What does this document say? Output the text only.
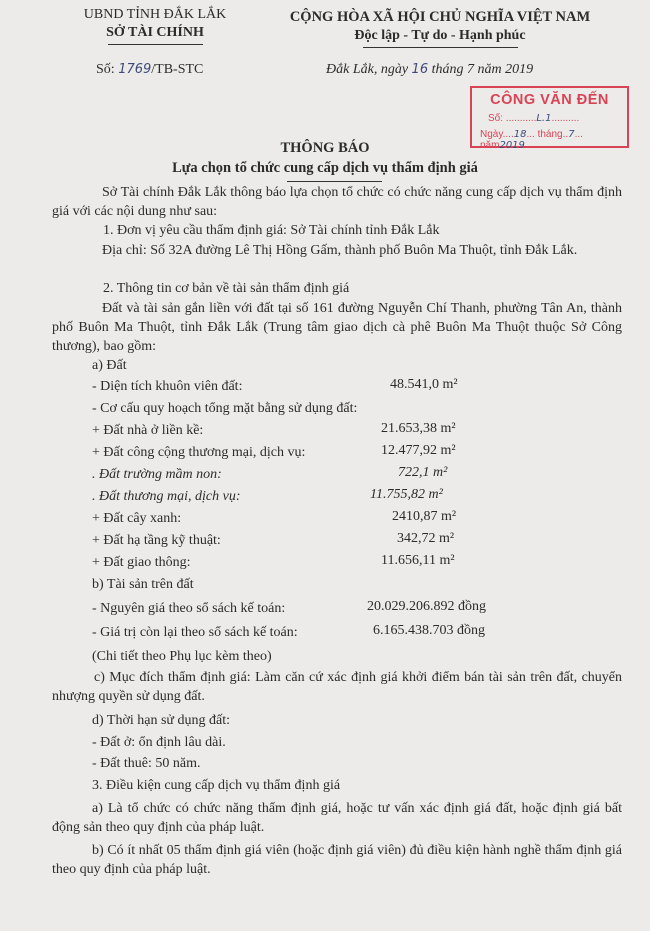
UBND TỈNH ĐẮK LẮK
SỞ TÀI CHÍNH
CỘNG HÒA XÃ HỘI CHỦ NGHĨA VIỆT NAM
Độc lập - Tự do - Hạnh phúc
Số: 1769/TB-STC	Đắk Lắk, ngày 16 tháng 7 năm 2019
CÔNG VĂN ĐẾN
Số: ...........L.1..........
Ngày....18... tháng..7... năm2019
THÔNG BÁO
Lựa chọn tổ chức cung cấp dịch vụ thẩm định giá
Sở Tài chính Đắk Lắk thông báo lựa chọn tổ chức có chức năng cung cấp dịch vụ thẩm định giá với các nội dung như sau:
1. Đơn vị yêu cầu thẩm định giá: Sở Tài chính tỉnh Đắk Lắk
Địa chỉ: Số 32A đường Lê Thị Hồng Gấm, thành phố Buôn Ma Thuột, tỉnh Đắk Lắk.
2. Thông tin cơ bản về tài sản thẩm định giá
Đất và tài sản gắn liền với đất tại số 161 đường Nguyễn Chí Thanh, phường Tân An, thành phố Buôn Ma Thuột, tỉnh Đắk Lắk (Trung tâm giao dịch cà phê Buôn Ma Thuột thuộc Sở Công thương), bao gồm:
a) Đất
- Diện tích khuôn viên đất:	48.541,0 m²
- Cơ cấu quy hoạch tổng mặt bằng sử dụng đất:
+ Đất nhà ở liền kề:	21.653,38 m²
+ Đất công cộng thương mại, dịch vụ:	12.477,92 m²
. Đất trường mầm non:	722,1 m²
. Đất thương mại, dịch vụ:	11.755,82 m²
+ Đất cây xanh:	2410,87 m²
+ Đất hạ tầng kỹ thuật:	342,72 m²
+ Đất giao thông:	11.656,11 m²
b) Tài sản trên đất
- Nguyên giá theo sổ sách kế toán:	20.029.206.892 đồng
- Giá trị còn lại theo sổ sách kế toán:	6.165.438.703 đồng
(Chi tiết theo Phụ lục kèm theo)
c) Mục đích thẩm định giá: Làm căn cứ xác định giá khởi điểm bán tài sản trên đất, chuyển nhượng quyền sử dụng đất.
d) Thời hạn sử dụng đất:
- Đất ở: ổn định lâu dài.
- Đất thuê: 50 năm.
3. Điều kiện cung cấp dịch vụ thẩm định giá
a) Là tổ chức có chức năng thẩm định giá, hoặc tư vấn xác định giá đất, hoặc định giá bất động sản theo quy định của pháp luật.
b) Có ít nhất 05 thẩm định giá viên (hoặc định giá viên) đủ điều kiện hành nghề thẩm định giá theo quy định của pháp luật.
